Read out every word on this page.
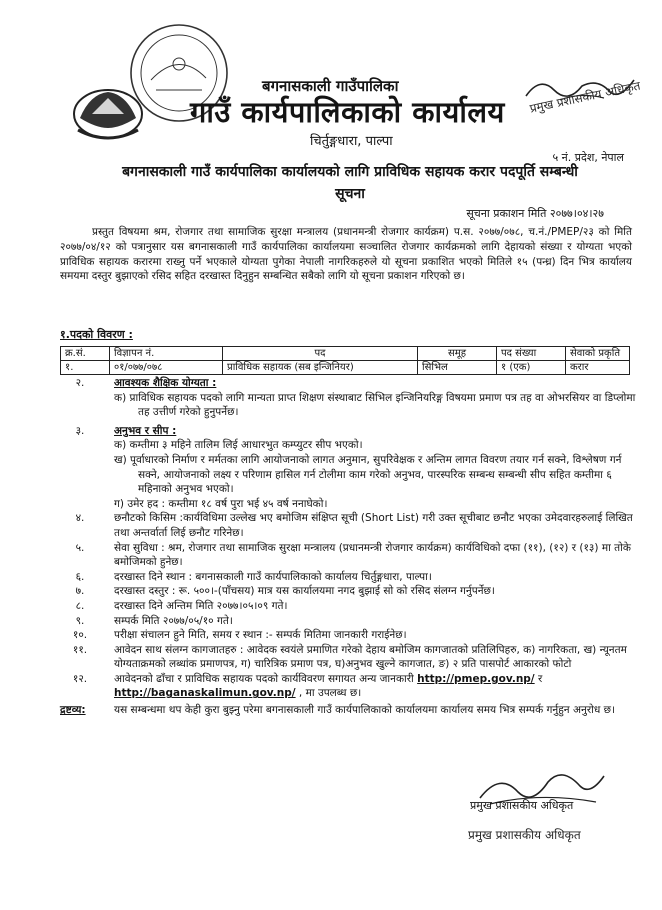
बगनासकाली गाउँपालिका
गाउँ कार्यपालिकाको कार्यालय
चिर्तुङ्गधारा, पाल्पा
५ नं. प्रदेश, नेपाल
प्रमुख प्रशासकीय अधिकृत
बगनासकाली गाउँ कार्यपालिका कार्यालयको लागि प्राविधिक सहायक करार पदपूर्ति सम्बन्धी
सूचना
सूचना प्रकाशन मिति २०७७।०४।२७
प्रस्तुत विषयमा श्रम, रोजगार तथा सामाजिक सुरक्षा मन्त्रालय (प्रधानमन्त्री रोजगार कार्यक्रम) प.स. २०७७/०७८, च.नं./PMEP/२३ को मिति २०७७/०४/१२ को पत्रानुसार यस बगनासकाली गाउँ कार्यपालिका कार्यालयमा सञ्चालित रोजगार कार्यक्रमको लागि देहायको संख्या र योग्यता भएको प्राविधिक सहायक करारमा राख्नु पर्ने भएकाले योग्यता पुगेका नेपाली नागरिकहरुले यो सूचना प्रकाशित भएको मितिले १५ (पन्ध्र) दिन भित्र कार्यालय समयमा दस्तुर बुझाएको रसिद सहित दरखास्त दिनुहुन सम्बन्धित सबैको लागि यो सूचना प्रकाशन गरिएको छ।
१.पदको विवरण :
क्र.सं.	विज्ञापन नं.	पद	समूह	पद संख्या	सेवाको प्रकृति
१.	०१/०७७/०७८	प्राविधिक सहायक (सब इन्जिनियर)	सिभिल	१ (एक)	करार
२.	आवश्यक शैक्षिक योग्यता :
क) प्राविधिक सहायक पदको लागि मान्यता प्राप्त शिक्षण संस्थाबाट सिभिल इन्जिनियरिङ्ग विषयमा प्रमाण पत्र तह वा ओभरसियर वा डिप्लोमा तह उत्तीर्ण गरेको हुनुपर्नेछ।
३.	अनुभव र सीप :
क) कम्तीमा ३ महिने तालिम लिई आधारभुत कम्प्युटर सीप भएको।
ख) पूर्वाधारको निर्माण र मर्मतका लागि आयोजनाको लागत अनुमान, सुपरिवेक्षक र अन्तिम लागत विवरण तयार गर्न सक्ने, विश्लेषण गर्न सक्ने, आयोजनाको लक्ष्य र परिणाम हासिल गर्न टोलीमा काम गरेको अनुभव, पारस्परिक सम्बन्ध सम्बन्धी सीप सहित कम्तीमा ६ महिनाको अनुभव भएको।
ग) उमेर हद : कम्तीमा १८ वर्ष पुरा भई ४५ वर्ष ननाघेको।
४.	छनौटको किसिम :कार्यविधिमा उल्लेख भए बमोजिम संक्षिप्त सूची (Short List) गरी उक्त सूचीबाट छनौट भएका उमेदवारहरुलाई लिखित तथा अन्तर्वार्ता लिई छनौट गरिनेछ।
५.	सेवा सुविधा : श्रम, रोजगार तथा सामाजिक सुरक्षा मन्त्रालय (प्रधानमन्त्री रोजगार कार्यक्रम) कार्यविधिको दफा (११), (१२) र (१३) मा तोके बमोजिमको हुनेछ।
६.	दरखास्त दिने स्थान : बगनासकाली गाउँ कार्यपालिकाको कार्यालय चिर्तुङ्गधारा, पाल्पा।
७.	दरखास्त दस्तुर : रू. ५००।-(पाँचसय) मात्र यस कार्यालयमा नगद बुझाई सो को रसिद संलग्न गर्नुपर्नेछ।
८.	दरखास्त दिने अन्तिम मिति २०७७।०५।०९ गते।
९.	सम्पर्क मिति २०७७/०५/१० गते।
१०.	परीक्षा संचालन हुने मिति, समय र स्थान :- सम्पर्क मितिमा जानकारी गराईनेछ।
११.	आवेदन साथ संलग्न कागजातहरु : आवेदक स्वयंले प्रमाणित गरेको देहाय बमोजिम कागजातको प्रतिलिपिहरु, क) नागरिकता, ख) न्यूनतम योग्यताक्रमको लब्धांक प्रमाणपत्र, ग) चारित्रिक प्रमाण पत्र, घ)अनुभव खुल्ने कागजात, ङ) २ प्रति पासपोर्ट आकारको फोटो
१२.	आवेदनको ढाँचा र प्राविधिक सहायक पदको कार्यविवरण सगायत अन्य जानकारी http://pmep.gov.np/ र http://baganaskalimun.gov.np/ , मा उपलब्ध छ।
द्रष्टव्य:	यस सम्बन्धमा थप केही कुरा बुझ्नु परेमा बगनासकाली गाउँ कार्यपालिकाको कार्यालयमा कार्यालय समय भित्र सम्पर्क गर्नुहुन अनुरोध छ।
प्रमुख प्रशासकीय अधिकृत
प्रमुख प्रशासकीय अधिकृत
